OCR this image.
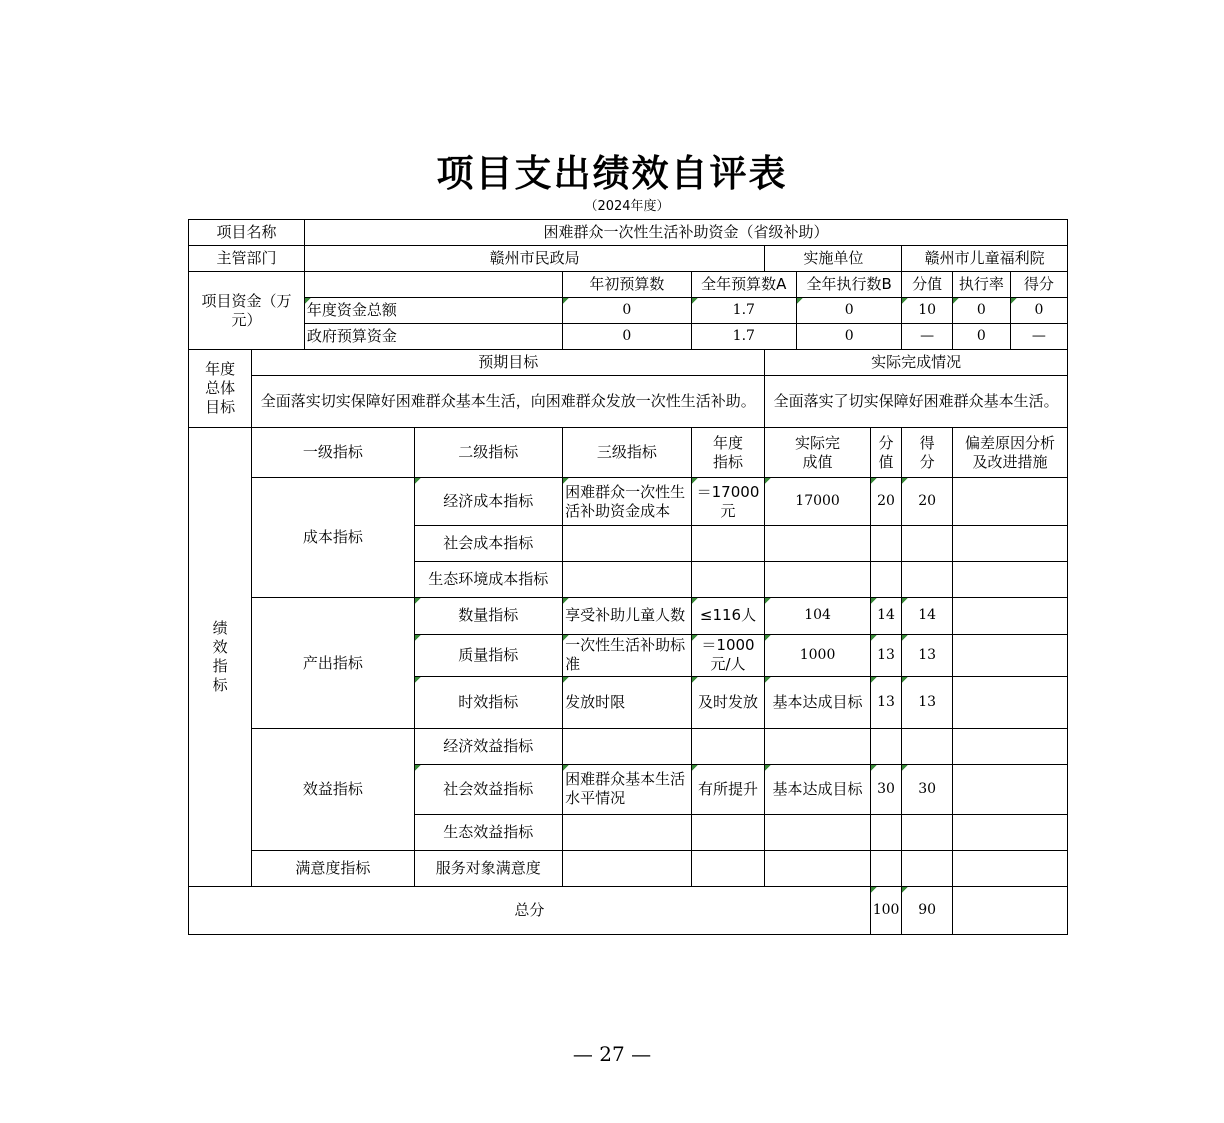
项目支出绩效自评表
（2024年度）
项目名称		困难群众一次性生活补助资金（省级补助）									
主管部门		赣州市民政局				实施单位			赣州市儿童福利院		
项目资金（万元）				年初预算数	全年预算数A		全年执行数B		分值	执行率	得分
		年度资金总额		0	1.7		0		10	0	0
		政府预算资金		0	1.7		0		—	0	—
年度总体目标	预期目标					实际完成情况					
	全面落实切实保障好困难群众基本生活，向困难群众发放一次性生活补助。					全面落实了切实保障好困难群众基本生活。					
绩效指标	一级指标		二级指标	三级指标	年度指标	实际完成值		分值	得分	偏差原因分析及改进措施	
	成本指标		经济成本指标	困难群众一次性生活补助资金成本	＝17000元	17000		20	20		
			社会成本指标								
			生态环境成本指标								
	产出指标		数量指标	享受补助儿童人数	≤116人	104		14	14		
			质量指标	一次性生活补助标准	＝1000元/人	1000		13	13		
			时效指标	发放时限	及时发放	基本达成目标		13	13		
	效益指标		经济效益指标								
			社会效益指标	困难群众基本生活水平情况	有所提升	基本达成目标		30	30		
			生态效益指标								
	满意度指标		服务对象满意度								
总分								100	90		
— 27 —
